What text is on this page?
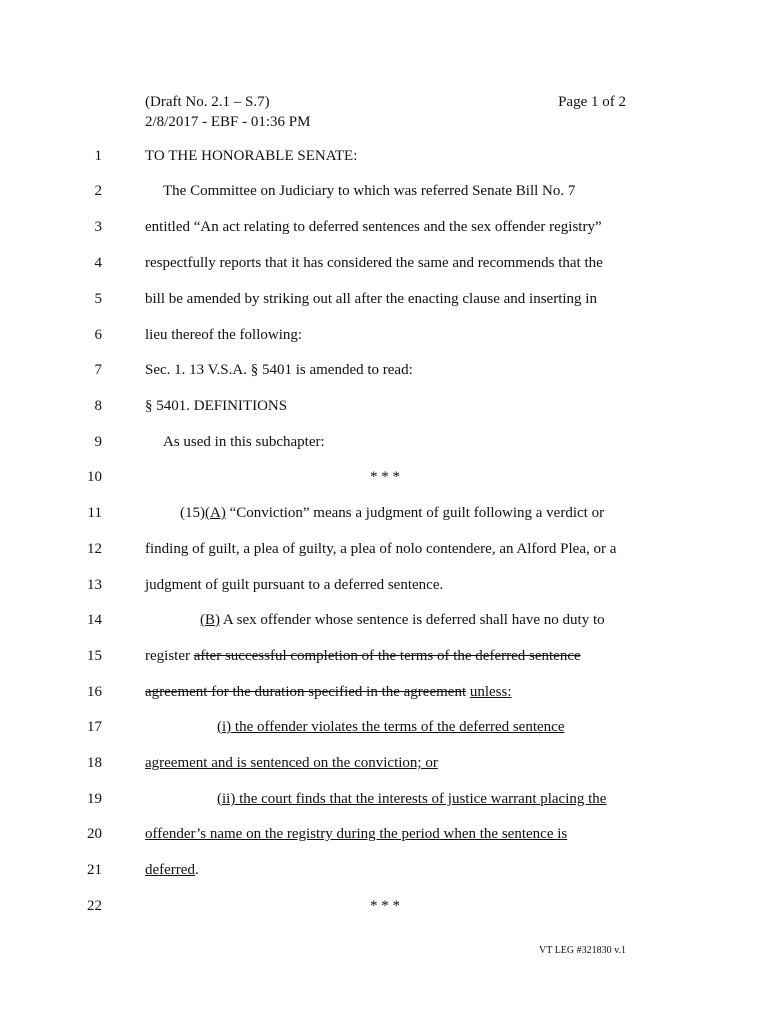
(Draft No. 2.1 – S.7)
2/8/2017 - EBF - 01:36 PM
Page 1 of 2
1	TO THE HONORABLE SENATE:
2	The Committee on Judiciary to which was referred Senate Bill No. 7
3	entitled “An act relating to deferred sentences and the sex offender registry”
4	respectfully reports that it has considered the same and recommends that the
5	bill be amended by striking out all after the enacting clause and inserting in
6	lieu thereof the following:
7	Sec. 1. 13 V.S.A. § 5401 is amended to read:
8	§ 5401. DEFINITIONS
9	As used in this subchapter:
10	* * *
11	(15)(A) “Conviction” means a judgment of guilt following a verdict or
12	finding of guilt, a plea of guilty, a plea of nolo contendere, an Alford Plea, or a
13	judgment of guilt pursuant to a deferred sentence.
14	(B) A sex offender whose sentence is deferred shall have no duty to
15	register after successful completion of the terms of the deferred sentence
16	agreement for the duration specified in the agreement unless:
17	(i) the offender violates the terms of the deferred sentence
18	agreement and is sentenced on the conviction; or
19	(ii) the court finds that the interests of justice warrant placing the
20	offender’s name on the registry during the period when the sentence is
21	deferred.
22	* * *
VT LEG #321830 v.1
